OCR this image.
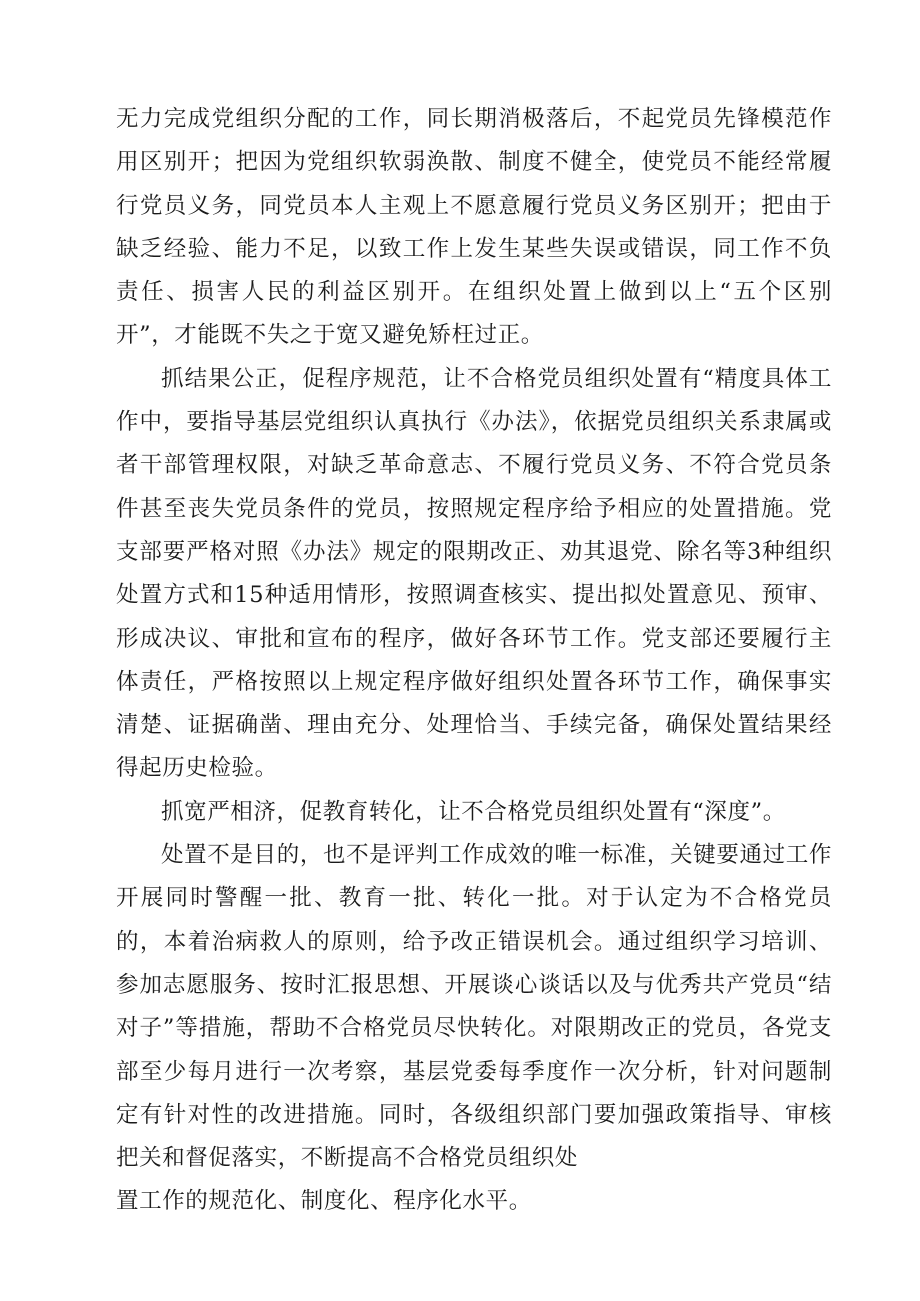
无力完成党组织分配的工作，同长期消极落后，不起党员先锋模范作用区别开；把因为党组织软弱涣散、制度不健全，使党员不能经常履行党员义务，同党员本人主观上不愿意履行党员义务区别开；把由于缺乏经验、能力不足，以致工作上发生某些失误或错误，同工作不负责任、损害人民的利益区别开。在组织处置上做到以上“五个区别开”，才能既不失之于宽又避免矫枉过正。

抓结果公正，促程序规范，让不合格党员组织处置有“精度具体工作中，要指导基层党组织认真执行《办法》，依据党员组织关系隶属或者干部管理权限，对缺乏革命意志、不履行党员义务、不符合党员条件甚至丧失党员条件的党员，按照规定程序给予相应的处置措施。党支部要严格对照《办法》规定的限期改正、劝其退党、除名等3种组织处置方式和15种适用情形，按照调查核实、提出拟处置意见、预审、形成决议、审批和宣布的程序，做好各环节工作。党支部还要履行主体责任，严格按照以上规定程序做好组织处置各环节工作，确保事实清楚、证据确凿、理由充分、处理恰当、手续完备，确保处置结果经得起历史检验。

抓宽严相济，促教育转化，让不合格党员组织处置有“深度”。

处置不是目的，也不是评判工作成效的唯一标准，关键要通过工作开展同时警醒一批、教育一批、转化一批。对于认定为不合格党员的，本着治病救人的原则，给予改正错误机会。通过组织学习培训、参加志愿服务、按时汇报思想、开展谈心谈话以及与优秀共产党员“结对子”等措施，帮助不合格党员尽快转化。对限期改正的党员，各党支部至少每月进行一次考察，基层党委每季度作一次分析，针对问题制定有针对性的改进措施。同时，各级组织部门要加强政策指导、审核把关和督促落实，不断提高不合格党员组织处

置工作的规范化、制度化、程序化水平。
